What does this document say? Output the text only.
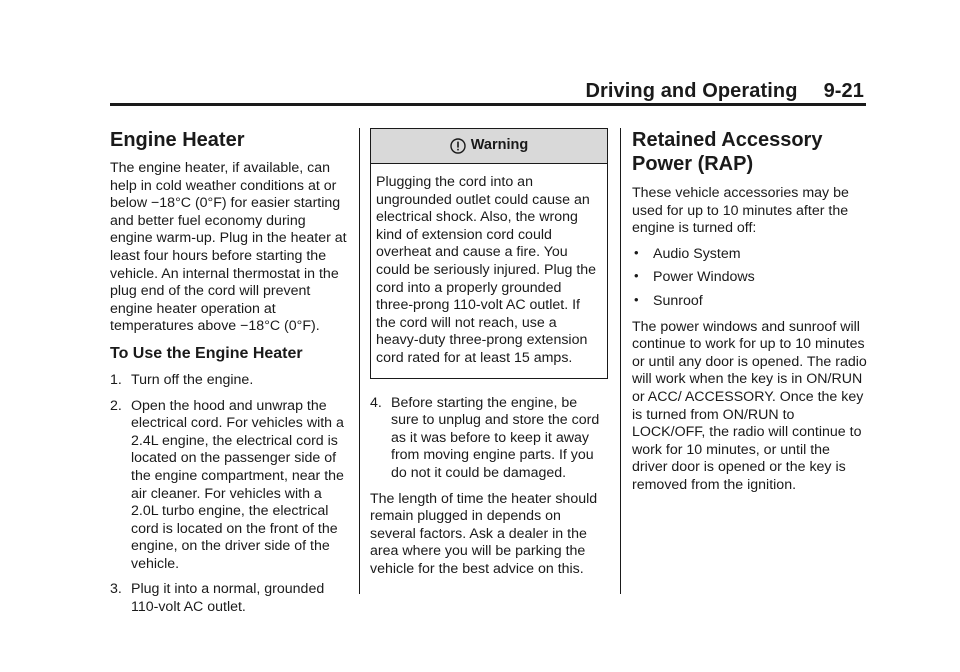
Driving and Operating 9-21
Engine Heater

The engine heater, if available, can help in cold weather conditions at or below −18°C (0°F) for easier starting and better fuel economy during engine warm-up. Plug in the heater at least four hours before starting the vehicle. An internal thermostat in the plug end of the cord will prevent engine heater operation at temperatures above −18°C (0°F).

To Use the Engine Heater
1. Turn off the engine.
2. Open the hood and unwrap the electrical cord. For vehicles with a 2.4L engine, the electrical cord is located on the passenger side of the engine compartment, near the air cleaner. For vehicles with a 2.0L turbo engine, the electrical cord is located on the front of the engine, on the driver side of the vehicle.
3. Plug it into a normal, grounded 110-volt AC outlet.
Warning
Plugging the cord into an ungrounded outlet could cause an electrical shock. Also, the wrong kind of extension cord could overheat and cause a fire. You could be seriously injured. Plug the cord into a properly grounded three-prong 110-volt AC outlet. If the cord will not reach, use a heavy-duty three-prong extension cord rated for at least 15 amps.
4. Before starting the engine, be sure to unplug and store the cord as it was before to keep it away from moving engine parts. If you do not it could be damaged.

The length of time the heater should remain plugged in depends on several factors. Ask a dealer in the area where you will be parking the vehicle for the best advice on this.

Retained Accessory Power (RAP)

These vehicle accessories may be used for up to 10 minutes after the engine is turned off:

• Audio System
• Power Windows
• Sunroof

The power windows and sunroof will continue to work for up to 10 minutes or until any door is opened. The radio will work when the key is in ON/RUN or ACC/ ACCESSORY. Once the key is turned from ON/RUN to LOCK/OFF, the radio will continue to work for 10 minutes, or until the driver door is opened or the key is removed from the ignition.
